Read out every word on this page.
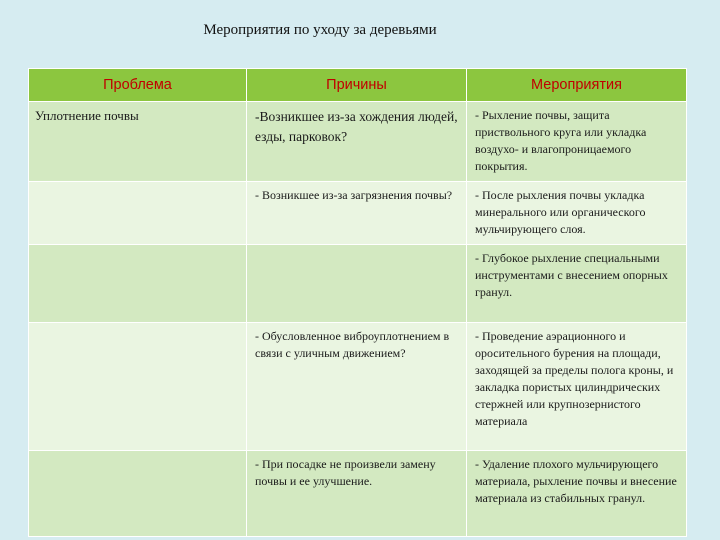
Мероприятия по уходу за деревьями
Проблема	Причины	Мероприятия
Уплотнение почвы	-Возникшее из-за хождения людей, езды, парковок?	- Рыхление почвы, защита приствольного круга или укладка воздухо- и влагопроницаемого покрытия.
	- Возникшее из-за загрязнения почвы?	- После рыхления почвы укладка минерального или органического мульчирующего слоя.
		- Глубокое рыхление специальными инструментами с внесением опорных гранул.
	- Обусловленное виброуплотнением в связи с уличным движением?	- Проведение аэрационного и оросительного бурения на площади, заходящей за пределы полога кроны, и закладка пористых цилиндрических стержней или крупнозернистого материала
	- При посадке не произвели замену почвы и ее улучшение.	- Удаление плохого мульчирующего материала, рыхление почвы и внесение материала из стабильных гранул.
